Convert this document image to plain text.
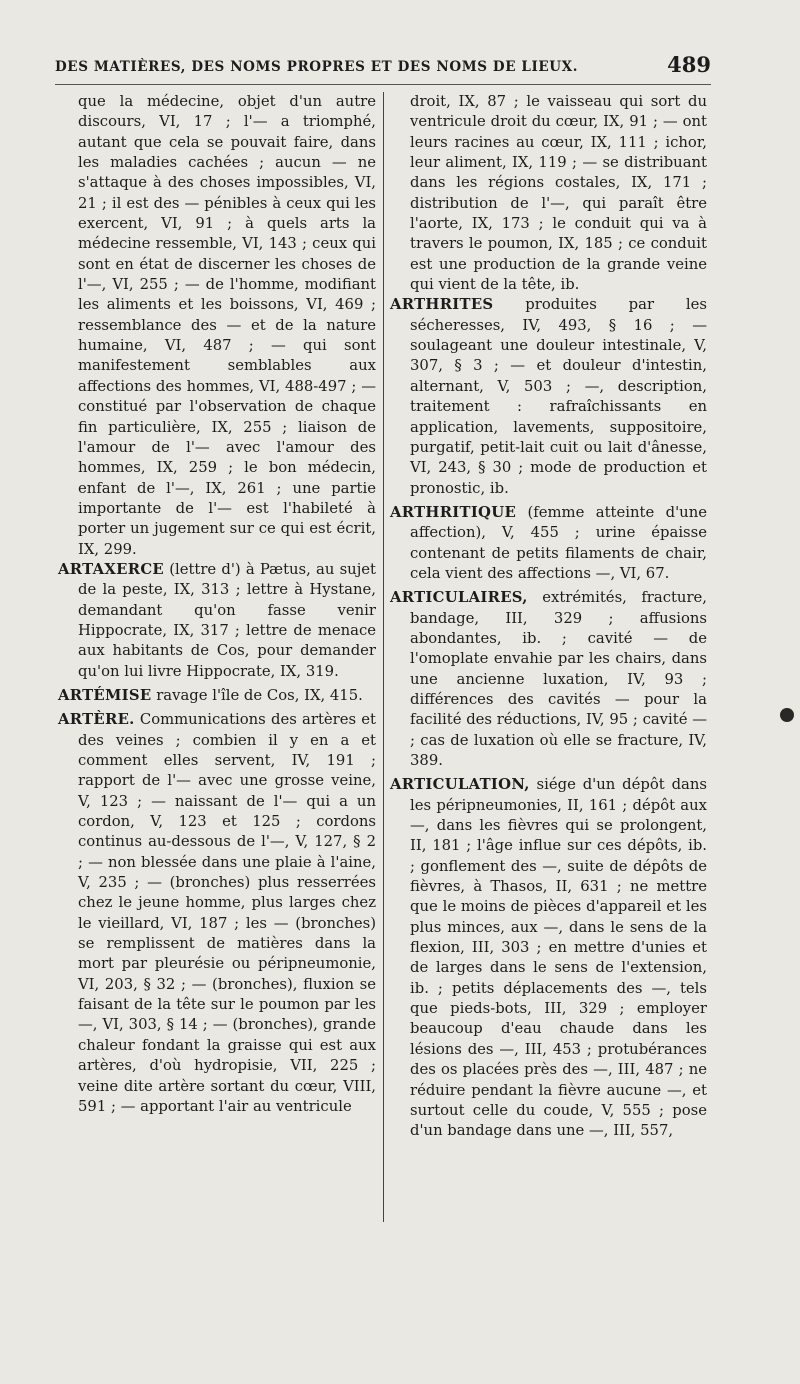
DES MATIÈRES, DES NOMS PROPRES ET DES NOMS DE LIEUX.	489

que la médecine, objet d'un autre discours, VI, 17 ; l'— a triomphé, autant que cela se pouvait faire, dans les maladies cachées ; aucun — ne s'attaque à des choses impossibles, VI, 21 ; il est des — pénibles à ceux qui les exercent, VI, 91 ; à quels arts la médecine ressemble, VI, 143 ; ceux qui sont en état de discerner les choses de l'—, VI, 255 ; — de l'homme, modifiant les aliments et les boissons, VI, 469 ; ressemblance des — et de la nature humaine, VI, 487 ; — qui sont manifestement semblables aux affections des hommes, VI, 488-497 ; — constitué par l'observation de chaque fin particulière, IX, 255 ; liaison de l'amour de l'— avec l'amour des hommes, IX, 259 ; le bon médecin, enfant de l'—, IX, 261 ; une partie importante de l'— est l'habileté à porter un jugement sur ce qui est écrit, IX, 299.

ARTAXERCE (lettre d') à Pætus, au sujet de la peste, IX, 313 ; lettre à Hystane, demandant qu'on fasse venir Hippocrate, IX, 317 ; lettre de menace aux habitants de Cos, pour demander qu'on lui livre Hippocrate, IX, 319.

ARTÉMISE ravage l'île de Cos, IX, 415.

ARTÈRE. Communications des artères et des veines ; combien il y en a et comment elles servent, IV, 191 ; rapport de l'— avec une grosse veine, V, 123 ; — naissant de l'— qui a un cordon, V, 123 et 125 ; cordons continus au-dessous de l'—, V, 127, § 2 ; — non blessée dans une plaie à l'aine, V, 235 ; — (bronches) plus resserrées chez le jeune homme, plus larges chez le vieillard, VI, 187 ; les — (bronches) se remplissent de matières dans la mort par pleurésie ou péripneumonie, VI, 203, § 32 ; — (bronches), fluxion se faisant de la tête sur le poumon par les —, VI, 303, § 14 ; — (bronches), grande chaleur fondant la graisse qui est aux artères, d'où hydropisie, VII, 225 ; veine dite artère sortant du cœur, VIII, 591 ; — apportant l'air au ventricule

droit, IX, 87 ; le vaisseau qui sort du ventricule droit du cœur, IX, 91 ; — ont leurs racines au cœur, IX, 111 ; ichor, leur aliment, IX, 119 ; — se distribuant dans les régions costales, IX, 171 ; distribution de l'—, qui paraît être l'aorte, IX, 173 ; le conduit qui va à travers le poumon, IX, 185 ; ce conduit est une production de la grande veine qui vient de la tête, ib.

ARTHRITES produites par les sécheresses, IV, 493, § 16 ; — soulageant une douleur intestinale, V, 307, § 3 ; — et douleur d'intestin, alternant, V, 503 ; —, description, traitement : rafraîchissants en application, lavements, suppositoire, purgatif, petit-lait cuit ou lait d'ânesse, VI, 243, § 30 ; mode de production et pronostic, ib.

ARTHRITIQUE (femme atteinte d'une affection), V, 455 ; urine épaisse contenant de petits filaments de chair, cela vient des affections —, VI, 67.

ARTICULAIRES, extrémités, fracture, bandage, III, 329 ; affusions abondantes, ib. ; cavité — de l'omoplate envahie par les chairs, dans une ancienne luxation, IV, 93 ; différences des cavités — pour la facilité des réductions, IV, 95 ; cavité — ; cas de luxation où elle se fracture, IV, 389.

ARTICULATION, siége d'un dépôt dans les péripneumonies, II, 161 ; dépôt aux —, dans les fièvres qui se prolongent, II, 181 ; l'âge influe sur ces dépôts, ib. ; gonflement des —, suite de dépôts de fièvres, à Thasos, II, 631 ; ne mettre que le moins de pièces d'appareil et les plus minces, aux —, dans le sens de la flexion, III, 303 ; en mettre d'unies et de larges dans le sens de l'extension, ib. ; petits déplacements des —, tels que pieds-bots, III, 329 ; employer beaucoup d'eau chaude dans les lésions des —, III, 453 ; protubérances des os placées près des —, III, 487 ; ne réduire pendant la fièvre aucune —, et surtout celle du coude, V, 555 ; pose d'un bandage dans une —, III, 557,
